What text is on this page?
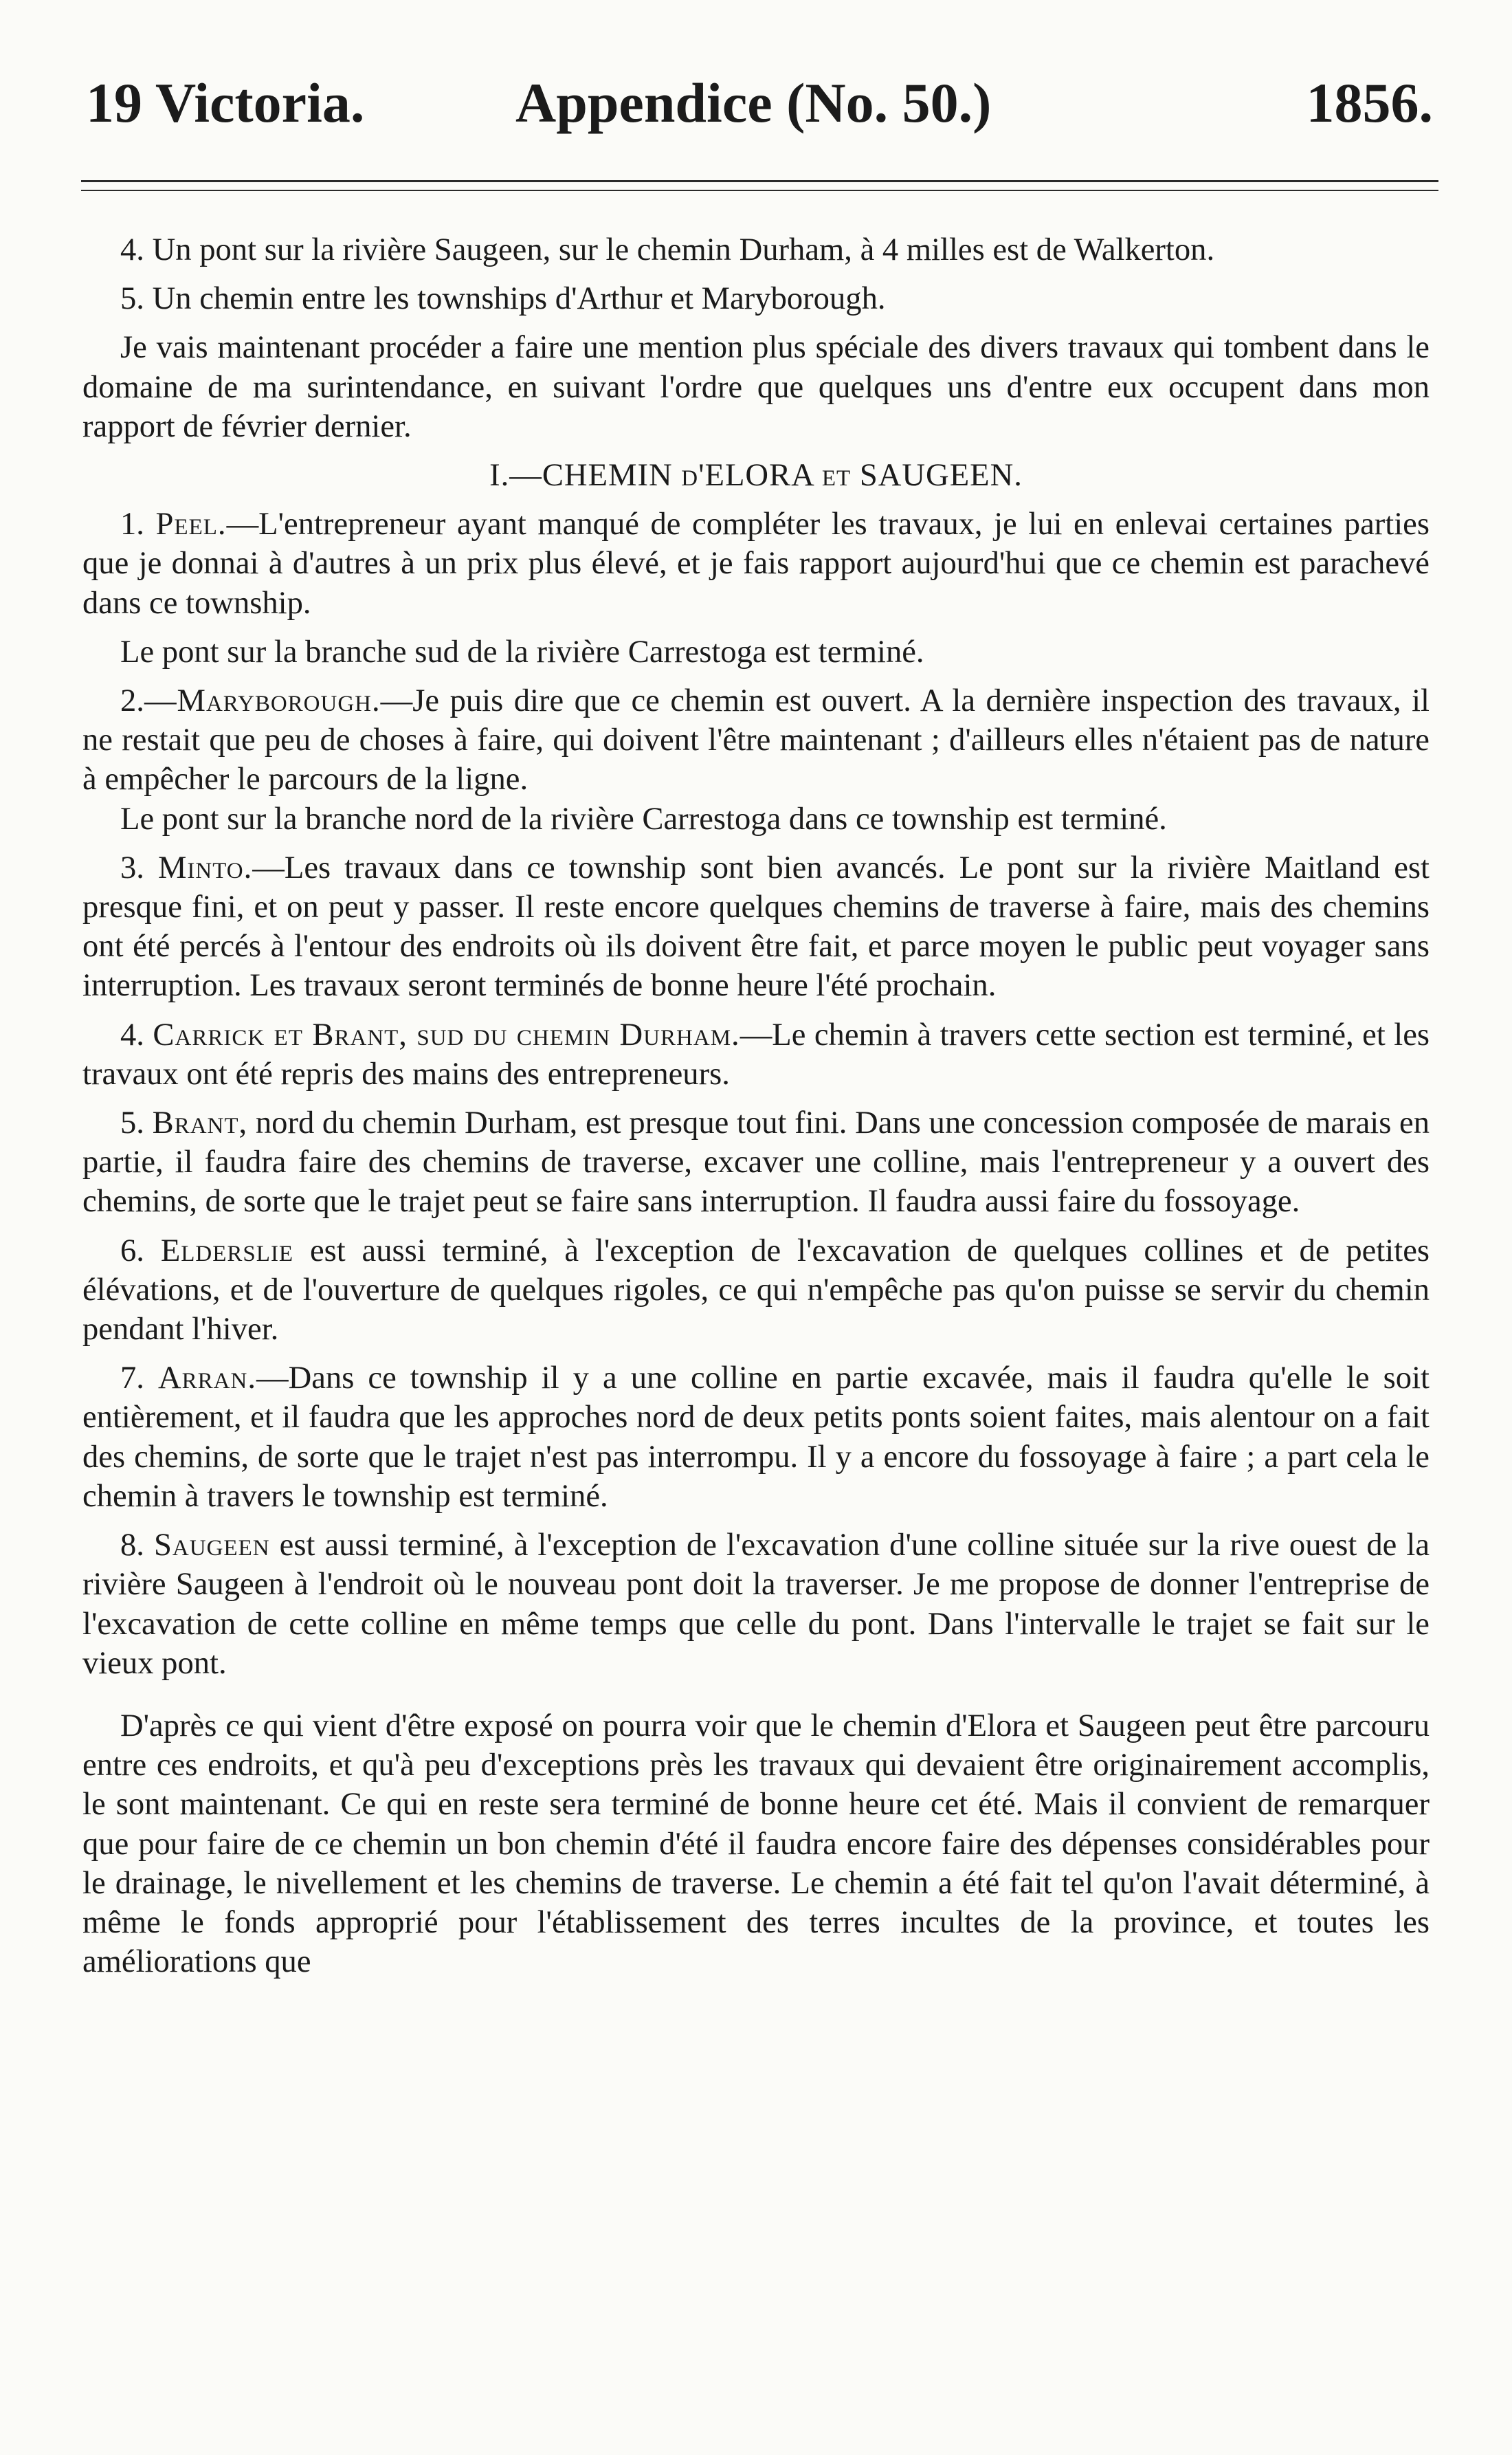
19 Victoria.	Appendice (No. 50.)	1856.

4. Un pont sur la rivière Saugeen, sur le chemin Durham, à 4 milles est de Walkerton.

5. Un chemin entre les townships d'Arthur et Maryborough.

Je vais maintenant procéder a faire une mention plus spéciale des divers travaux qui tombent dans le domaine de ma surintendance, en suivant l'ordre que quelques uns d'entre eux occupent dans mon rapport de février dernier.

I.—CHEMIN d'ELORA et SAUGEEN.

1. Peel.—L'entrepreneur ayant manqué de compléter les travaux, je lui en enlevai certaines parties que je donnai à d'autres à un prix plus élevé, et je fais rapport aujourd'hui que ce chemin est parachevé dans ce township.

Le pont sur la branche sud de la rivière Carrestoga est terminé.

2.—Maryborough.—Je puis dire que ce chemin est ouvert. A la dernière inspection des travaux, il ne restait que peu de choses à faire, qui doivent l'être maintenant ; d'ailleurs elles n'étaient pas de nature à empêcher le parcours de la ligne.

Le pont sur la branche nord de la rivière Carrestoga dans ce township est terminé.

3. Minto.—Les travaux dans ce township sont bien avancés. Le pont sur la rivière Maitland est presque fini, et on peut y passer. Il reste encore quelques chemins de traverse à faire, mais des chemins ont été percés à l'entour des endroits où ils doivent être fait, et parce moyen le public peut voyager sans interruption. Les travaux seront terminés de bonne heure l'été prochain.

4. Carrick et Brant, sud du chemin Durham.—Le chemin à travers cette section est terminé, et les travaux ont été repris des mains des entrepreneurs.

5. Brant, nord du chemin Durham, est presque tout fini. Dans une concession composée de marais en partie, il faudra faire des chemins de traverse, excaver une colline, mais l'entrepreneur y a ouvert des chemins, de sorte que le trajet peut se faire sans interruption. Il faudra aussi faire du fossoyage.

6. Elderslie est aussi terminé, à l'exception de l'excavation de quelques collines et de petites élévations, et de l'ouverture de quelques rigoles, ce qui n'empêche pas qu'on puisse se servir du chemin pendant l'hiver.

7. Arran.—Dans ce township il y a une colline en partie excavée, mais il faudra qu'elle le soit entièrement, et il faudra que les approches nord de deux petits ponts soient faites, mais alentour on a fait des chemins, de sorte que le trajet n'est pas interrompu. Il y a encore du fossoyage à faire ; a part cela le chemin à travers le township est terminé.

8. Saugeen est aussi terminé, à l'exception de l'excavation d'une colline située sur la rive ouest de la rivière Saugeen à l'endroit où le nouveau pont doit la traverser. Je me propose de donner l'entreprise de l'excavation de cette colline en même temps que celle du pont. Dans l'intervalle le trajet se fait sur le vieux pont.

D'après ce qui vient d'être exposé on pourra voir que le chemin d'Elora et Saugeen peut être parcouru entre ces endroits, et qu'à peu d'exceptions près les travaux qui devaient être originairement accomplis, le sont maintenant. Ce qui en reste sera terminé de bonne heure cet été. Mais il convient de remarquer que pour faire de ce chemin un bon chemin d'été il faudra encore faire des dépenses considérables pour le drainage, le nivellement et les chemins de traverse. Le chemin a été fait tel qu'on l'avait déterminé, à même le fonds approprié pour l'établissement des terres incultes de la province, et toutes les améliorations que
